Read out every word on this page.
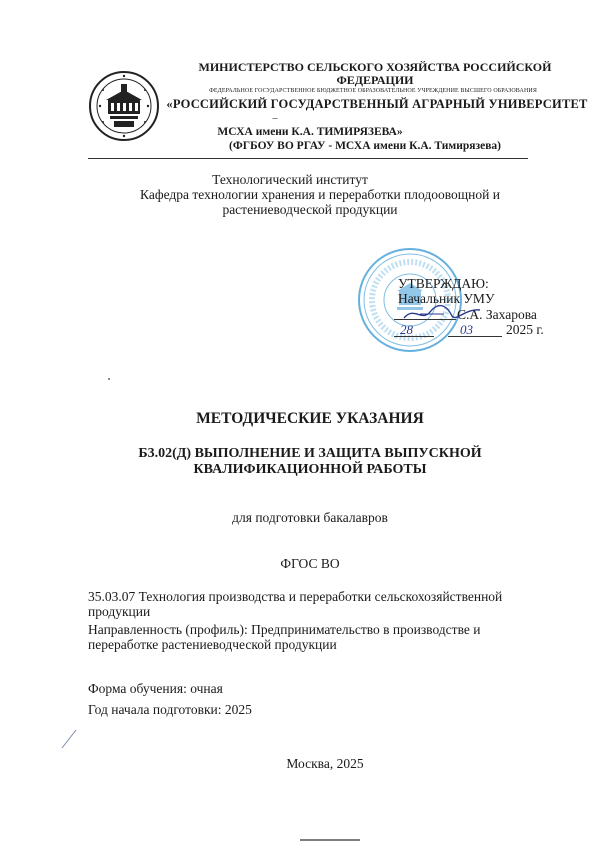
МИНИСТЕРСТВО СЕЛЬСКОГО ХОЗЯЙСТВА РОССИЙСКОЙ
ФЕДЕРАЦИИ
ФЕДЕРАЛЬНОЕ ГОСУДАРСТВЕННОЕ БЮДЖЕТНОЕ ОБРАЗОВАТЕЛЬНОЕ УЧРЕЖДЕНИЕ ВЫСШЕГО ОБРАЗОВАНИЯ
«РОССИЙСКИЙ ГОСУДАРСТВЕННЫЙ АГРАРНЫЙ УНИВЕРСИТЕТ
–
МСХА имени К.А. ТИМИРЯЗЕВА»
(ФГБОУ ВО РГАУ - МСХА имени К.А. Тимирязева)
Технологический институт
Кафедра технологии хранения и переработки плодоовощной и
растениеводческой продукции
УТВЕРЖДАЮ:
Начальник УМУ
С.А. Захарова
28	03 2025 г.
МЕТОДИЧЕСКИЕ УКАЗАНИЯ
Б3.02(Д) ВЫПОЛНЕНИЕ И ЗАЩИТА ВЫПУСКНОЙ КВАЛИФИКАЦИОННОЙ РАБОТЫ
для подготовки бакалавров
ФГОС ВО
35.03.07 Технология производства и переработки сельскохозяйственной
продукции
Направленность (профиль): Предпринимательство в производстве и
переработке растениеводческой продукции
Форма обучения: очная
Год начала подготовки: 2025
Москва, 2025
